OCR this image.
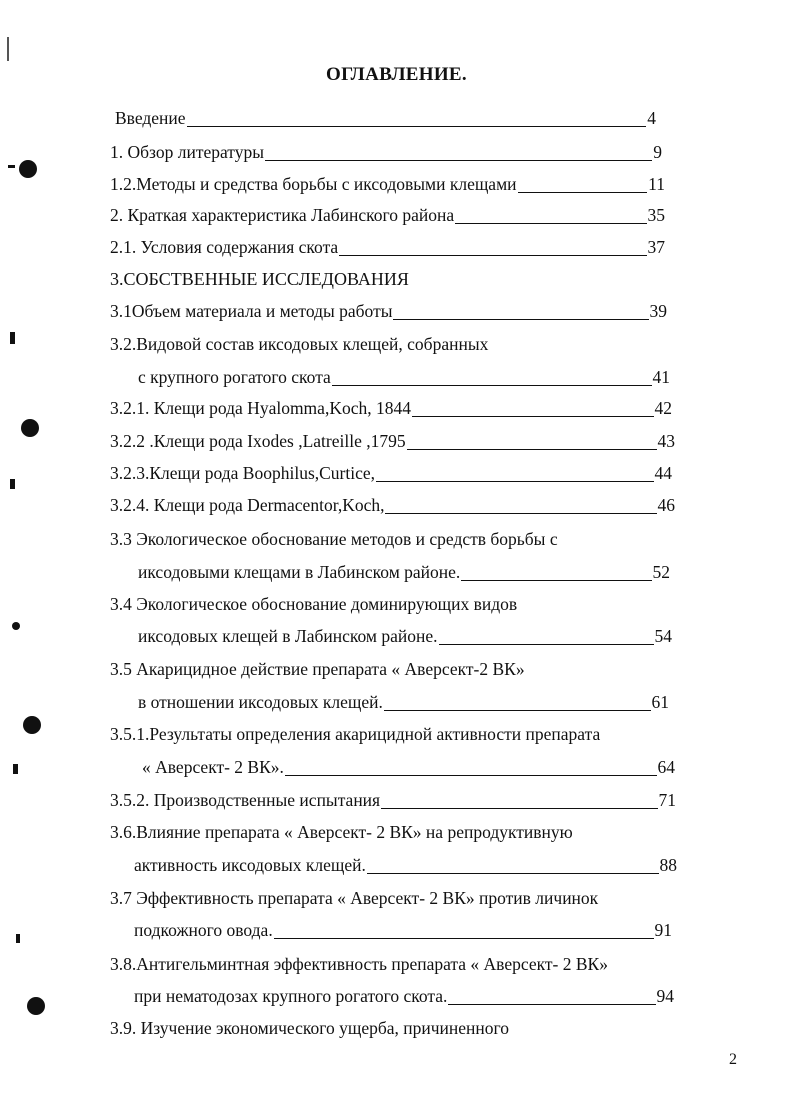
ОГЛАВЛЕНИЕ.
Введение	4
1. Обзор литературы	9
1.2.Методы и средства борьбы с иксодовыми клещами	11
2. Краткая характеристика Лабинского района	35
2.1. Условия содержания скота	37
3.СОБСТВЕННЫЕ ИССЛЕДОВАНИЯ
3.1Объем материала и методы работы	39
3.2.Видовой состав иксодовых клещей, собранных
с крупного рогатого скота	41
3.2.1. Клещи рода Hyalomma,Koch, 1844	42
3.2.2 .Клещи рода Ixodes ,Latreille ,1795	43
3.2.3.Клещи рода Boophilus,Curtice,	44
3.2.4. Клещи рода Dermacentor,Koch,	46
3.3 Экологическое обоснование методов и средств борьбы с
иксодовыми клещами в Лабинском районе.	52
3.4 Экологическое обоснование доминирующих видов
иксодовых клещей в Лабинском районе.	54
3.5 Акарицидное действие препарата « Аверсект-2 ВК»
в отношении иксодовых клещей.	61
3.5.1.Результаты определения акарицидной активности препарата
« Аверсект- 2 ВК».	64
3.5.2. Производственные испытания	71
3.6.Влияние препарата « Аверсект- 2 ВК» на репродуктивную
активность иксодовых клещей.	88
3.7 Эффективность препарата « Аверсект- 2 ВК» против личинок
подкожного овода.	91
3.8.Антигельминтная эффективность препарата « Аверсект- 2 ВК»
при нематодозах крупного рогатого скота.	94
3.9. Изучение экономического ущерба, причиненного
2
